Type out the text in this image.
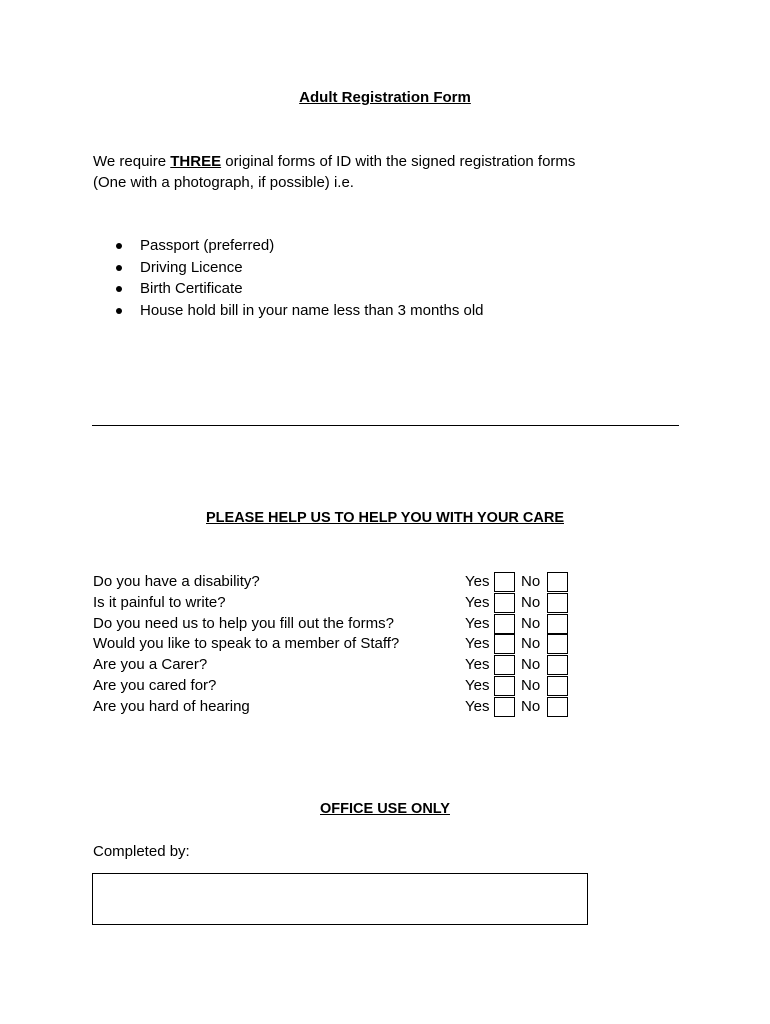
Adult Registration Form
We require THREE original forms of ID with the signed registration forms
(One with a photograph, if possible) i.e.
Passport (preferred)
Driving Licence
Birth Certificate
House hold bill in your name less than 3 months old
PLEASE HELP US TO HELP YOU WITH YOUR CARE
Do you have a disability?	Yes No
Is it painful to write?	Yes No
Do you need us to help you fill out the forms?	Yes No
Would you like to speak to a member of Staff?	Yes No
Are you a Carer?	Yes No
Are you cared for?	Yes No
Are you hard of hearing	Yes No
OFFICE USE ONLY
Completed by:
